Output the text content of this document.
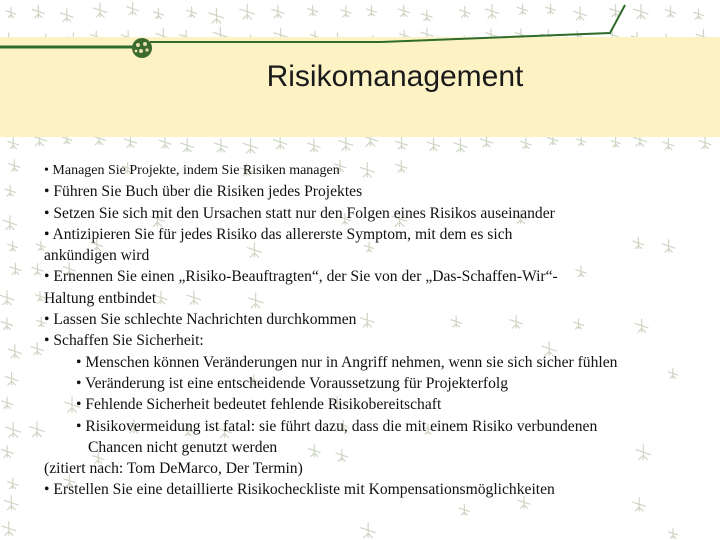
Risikomanagement
• Managen Sie Projekte, indem Sie Risiken managen
• Führen Sie Buch über die Risiken jedes Projektes
• Setzen Sie sich mit den Ursachen statt nur den Folgen eines Risikos auseinander
• Antizipieren Sie für jedes Risiko das allererste Symptom, mit dem es sich
ankündigen wird
• Ernennen Sie einen „Risiko-Beauftragten“, der Sie von der „Das-Schaffen-Wir“-
Haltung entbindet
• Lassen Sie schlechte Nachrichten durchkommen
• Schaffen Sie Sicherheit:
• Menschen können Veränderungen nur in Angriff nehmen, wenn sie sich sicher fühlen
• Veränderung ist eine entscheidende Voraussetzung für Projekterfolg
• Fehlende Sicherheit bedeutet fehlende Risikobereitschaft
• Risikovermeidung ist fatal: sie führt dazu, dass die mit einem Risiko verbundenen
Chancen nicht genutzt werden
(zitiert nach: Tom DeMarco, Der Termin)
• Erstellen Sie eine detaillierte Risikocheckliste mit Kompensationsmöglichkeiten
